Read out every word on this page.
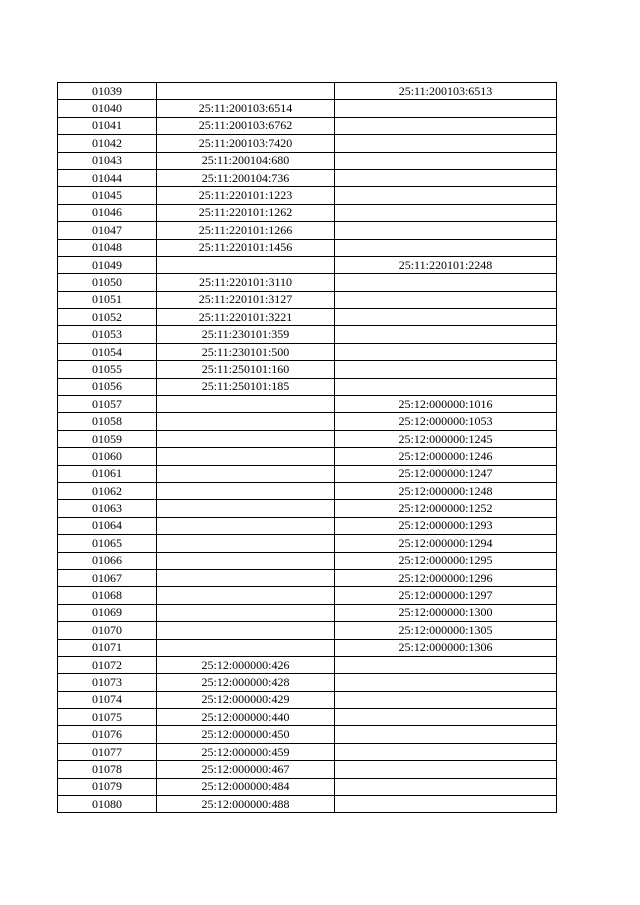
01039		25:11:200103:6513
01040	25:11:200103:6514	
01041	25:11:200103:6762	
01042	25:11:200103:7420	
01043	25:11:200104:680	
01044	25:11:200104:736	
01045	25:11:220101:1223	
01046	25:11:220101:1262	
01047	25:11:220101:1266	
01048	25:11:220101:1456	
01049		25:11:220101:2248
01050	25:11:220101:3110	
01051	25:11:220101:3127	
01052	25:11:220101:3221	
01053	25:11:230101:359	
01054	25:11:230101:500	
01055	25:11:250101:160	
01056	25:11:250101:185	
01057		25:12:000000:1016
01058		25:12:000000:1053
01059		25:12:000000:1245
01060		25:12:000000:1246
01061		25:12:000000:1247
01062		25:12:000000:1248
01063		25:12:000000:1252
01064		25:12:000000:1293
01065		25:12:000000:1294
01066		25:12:000000:1295
01067		25:12:000000:1296
01068		25:12:000000:1297
01069		25:12:000000:1300
01070		25:12:000000:1305
01071		25:12:000000:1306
01072	25:12:000000:426	
01073	25:12:000000:428	
01074	25:12:000000:429	
01075	25:12:000000:440	
01076	25:12:000000:450	
01077	25:12:000000:459	
01078	25:12:000000:467	
01079	25:12:000000:484	
01080	25:12:000000:488	
